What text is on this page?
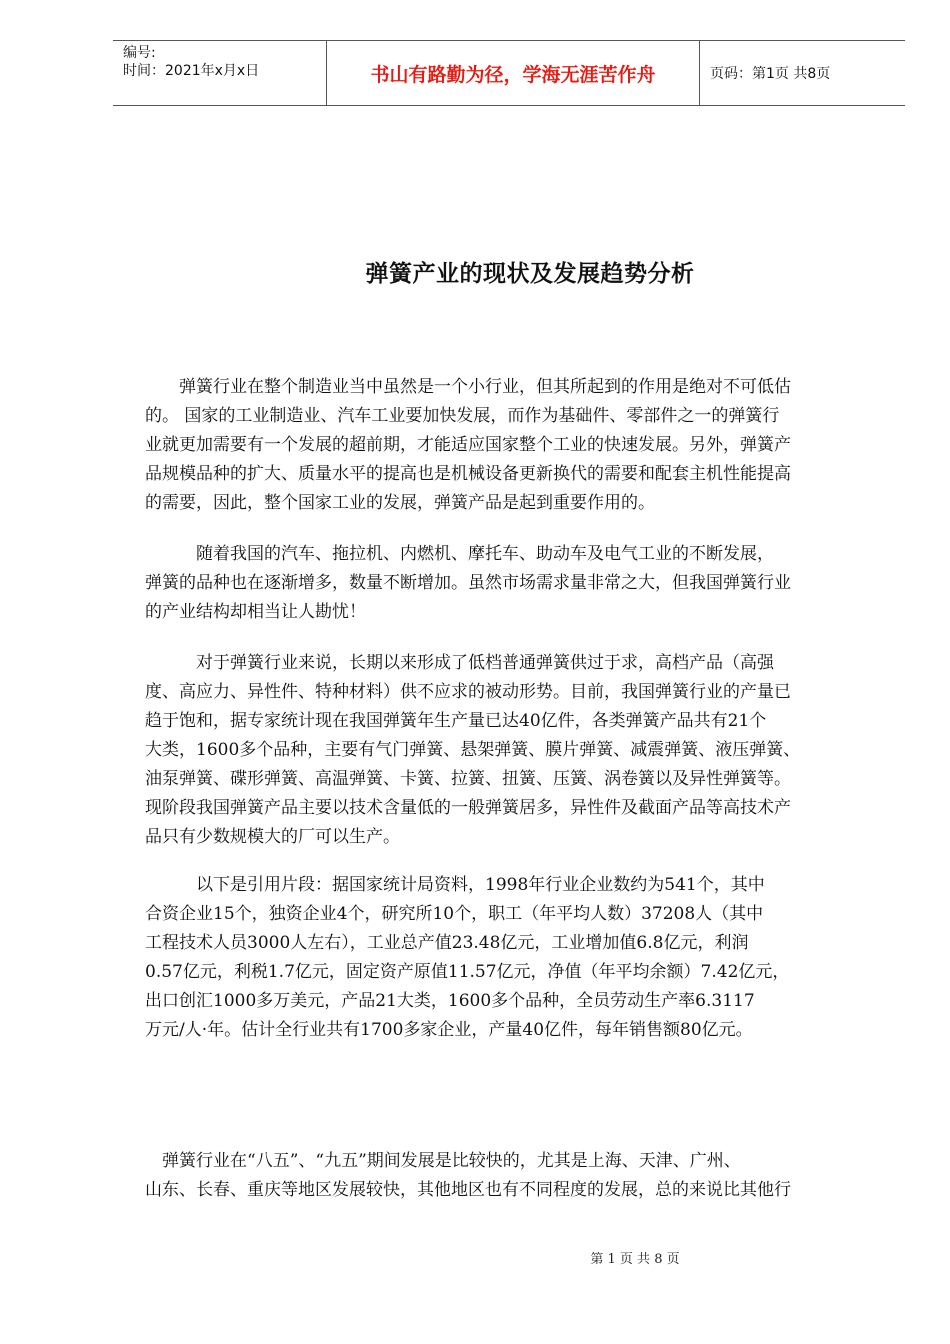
编号:
时间：2021年x月x日	书山有路勤为径，学海无涯苦作舟	页码：第1页 共8页
弹簧产业的现状及发展趋势分析
　　弹簧行业在整个制造业当中虽然是一个小行业，但其所起到的作用是绝对不可低估
的。 国家的工业制造业、汽车工业要加快发展，而作为基础件、零部件之一的弹簧行
业就更加需要有一个发展的超前期，才能适应国家整个工业的快速发展。另外，弹簧产
品规模品种的扩大、质量水平的提高也是机械设备更新换代的需要和配套主机性能提高
的需要，因此，整个国家工业的发展，弹簧产品是起到重要作用的。
　　　随着我国的汽车、拖拉机、内燃机、摩托车、助动车及电气工业的不断发展，
弹簧的品种也在逐渐增多，数量不断增加。虽然市场需求量非常之大，但我国弹簧行业
的产业结构却相当让人勘忧！
　　　对于弹簧行业来说，长期以来形成了低档普通弹簧供过于求，高档产品（高强
度、高应力、异性件、特种材料）供不应求的被动形势。目前，我国弹簧行业的产量已
趋于饱和，据专家统计现在我国弹簧年生产量已达40亿件，各类弹簧产品共有21个
大类，1600多个品种，主要有气门弹簧、悬架弹簧、膜片弹簧、减震弹簧、液压弹簧、
油泵弹簧、碟形弹簧、高温弹簧、卡簧、拉簧、扭簧、压簧、涡卷簧以及异性弹簧等。
现阶段我国弹簧产品主要以技术含量低的一般弹簧居多，异性件及截面产品等高技术产
品只有少数规模大的厂可以生产。
　　　以下是引用片段：据国家统计局资料，1998年行业企业数约为541个，其中
合资企业15个，独资企业4个，研究所10个，职工（年平均人数）37208人（其中
工程技术人员3000人左右），工业总产值23.48亿元，工业增加值6.8亿元，利润
0.57亿元，利税1.7亿元，固定资产原值11.57亿元，净值（年平均余额）7.42亿元，
出口创汇1000多万美元，产品21大类，1600多个品种，全员劳动生产率6.3117
万元/人·年。估计全行业共有1700多家企业，产量40亿件，每年销售额80亿元。
　弹簧行业在“八五”、“九五”期间发展是比较快的，尤其是上海、天津、广州、
山东、长春、重庆等地区发展较快，其他地区也有不同程度的发展，总的来说比其他行
第 1 页 共 8 页
